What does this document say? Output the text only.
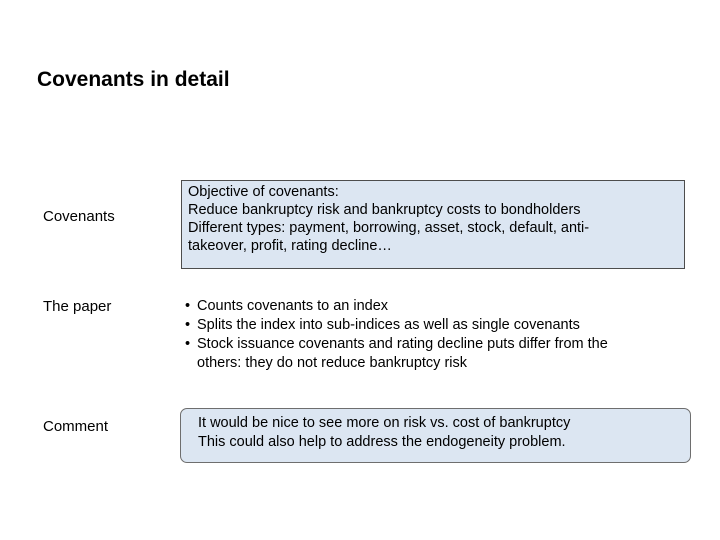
Covenants in detail
Covenants
Objective of covenants:
Reduce bankruptcy risk and bankruptcy costs to bondholders
Different types: payment, borrowing, asset, stock, default, anti-
takeover, profit, rating decline…
The paper	• Counts covenants to an index
• Splits the index into sub-indices as well as single covenants
• Stock issuance covenants and rating decline puts differ from the
others: they do not reduce bankruptcy risk
Comment	It would be nice to see more on risk vs. cost of bankruptcy
This could also help to address the endogeneity problem.
